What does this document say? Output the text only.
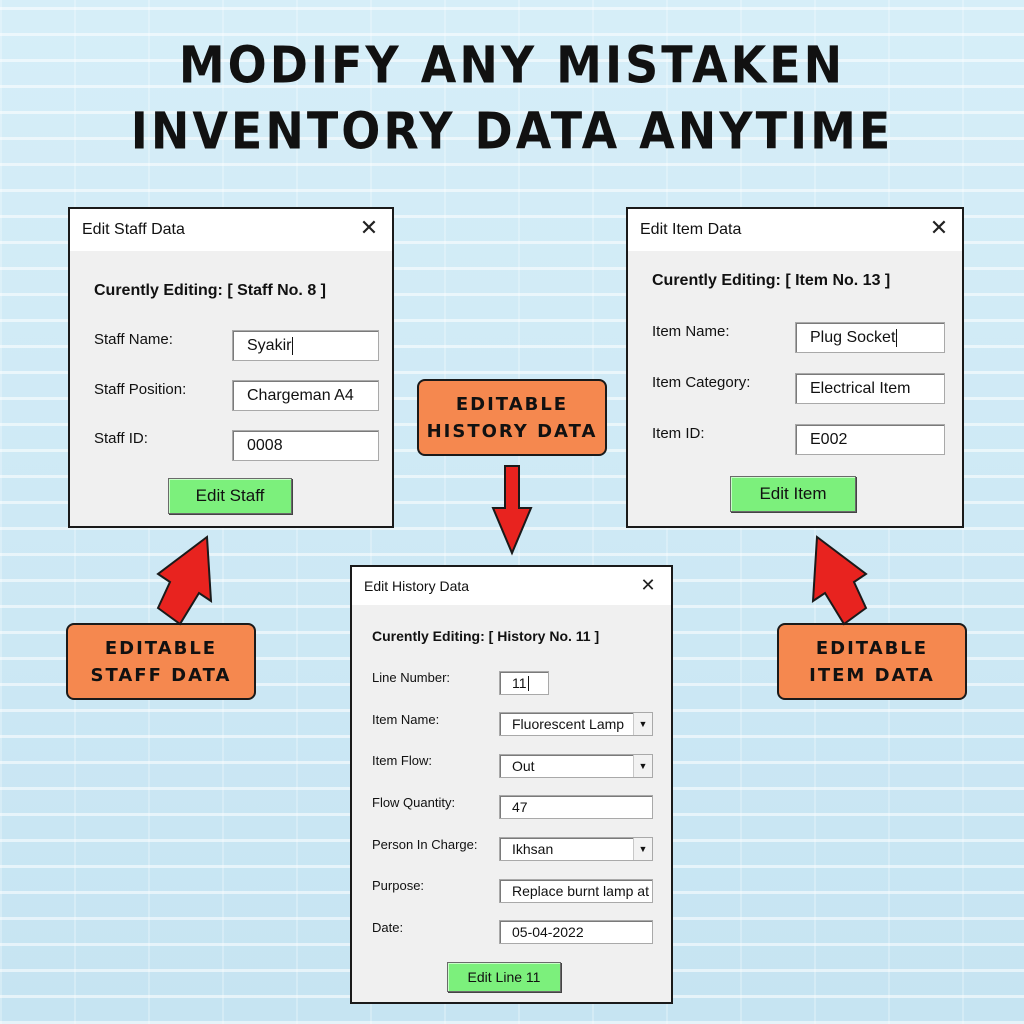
MODIFY ANY MISTAKEN
INVENTORY DATA ANYTIME
Edit Staff Data	✕
Curently Editing: [ Staff No. 8 ]
Staff Name:	Syakir
Staff Position:	Chargeman A4
Staff ID:	0008
Edit Staff
Edit Item Data	✕
Curently Editing: [ Item No. 13 ]
Item Name:	Plug Socket
Item Category:	Electrical Item
Item ID:	E002
Edit Item
Edit History Data	✕
Curently Editing: [ History No. 11 ]
Line Number:	11
Item Name:	Fluorescent Lamp	▼
Item Flow:	Out	▼
Flow Quantity:	47
Person In Charge:	Ikhsan	▼
Purpose:	Replace burnt lamp at
Date:	05-04-2022
Edit Line 11
EDITABLE
HISTORY DATA
EDITABLE
STAFF DATA
EDITABLE
ITEM DATA
